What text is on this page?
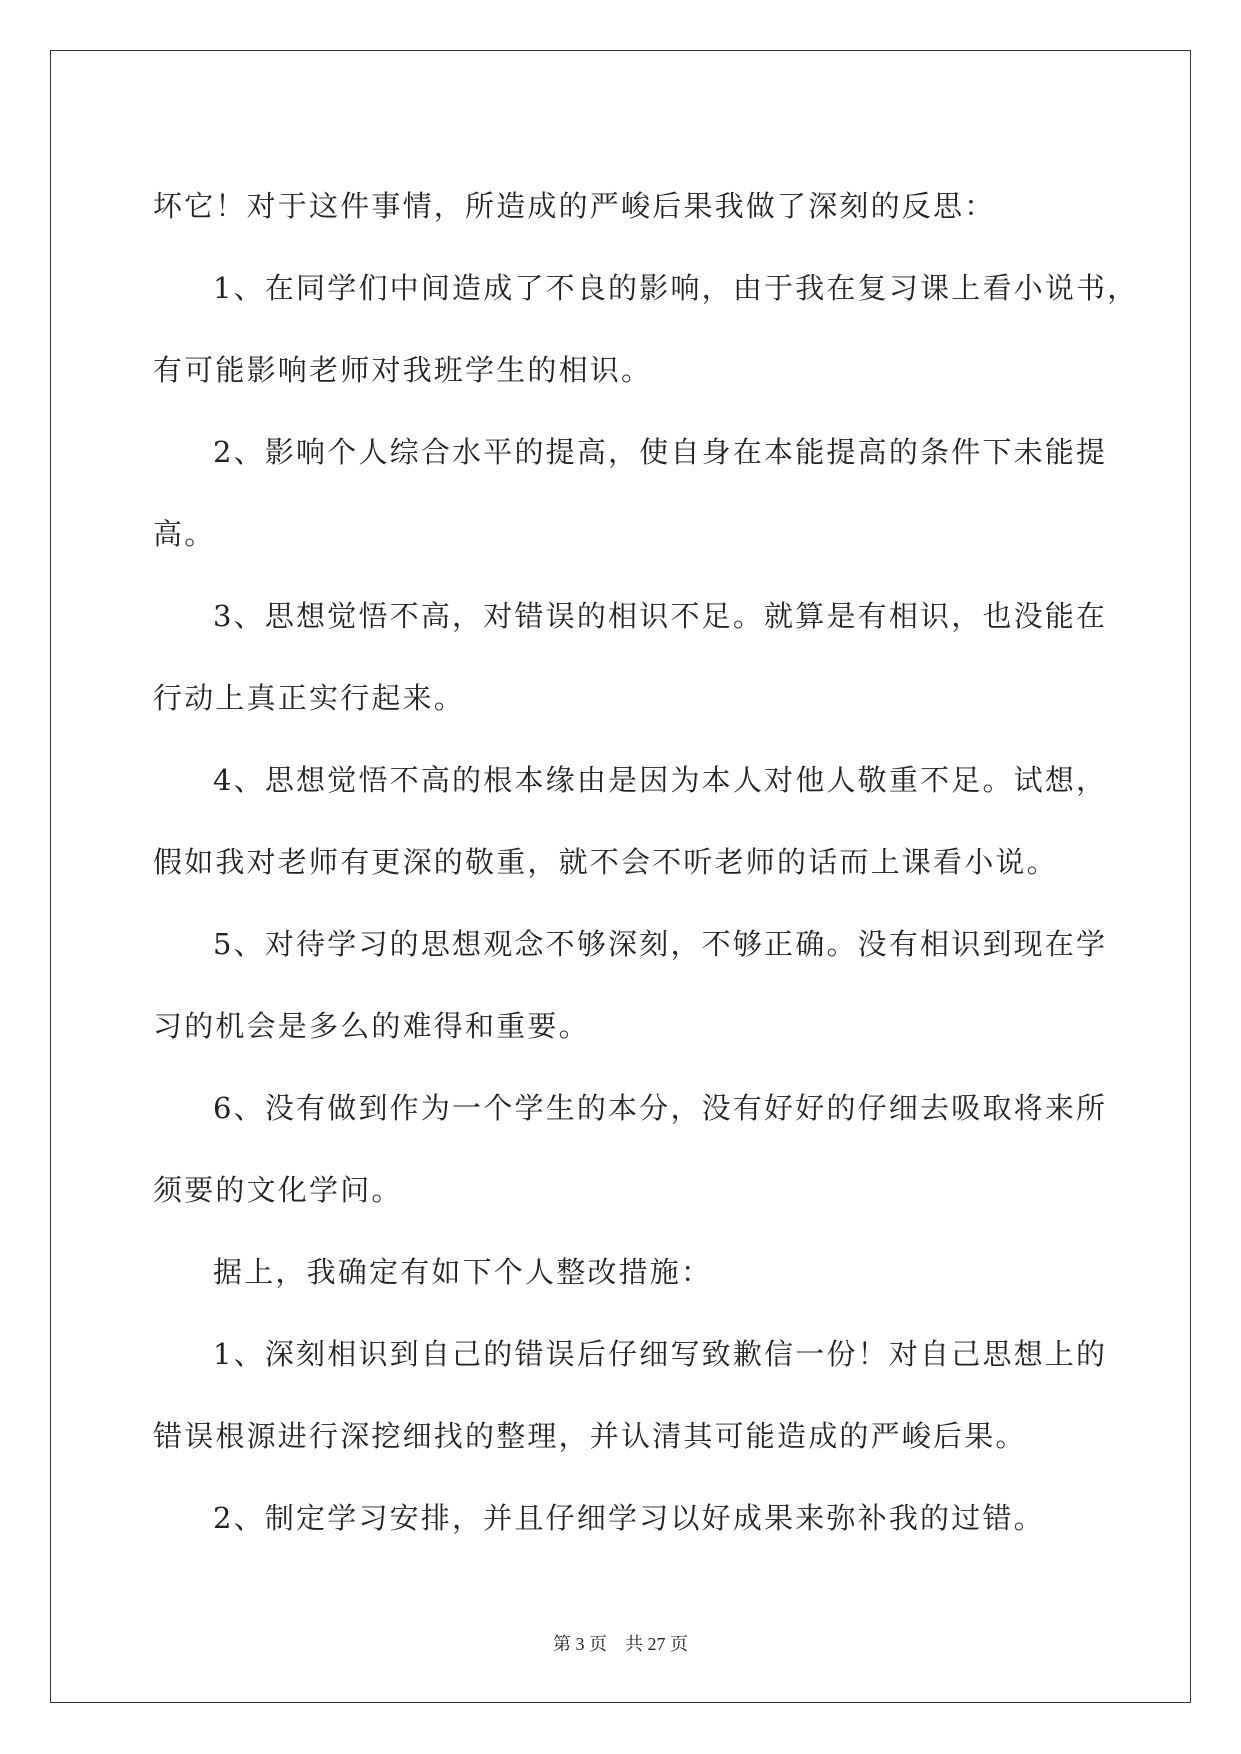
坏它！对于这件事情，所造成的严峻后果我做了深刻的反思：

1、在同学们中间造成了不良的影响，由于我在复习课上看小说书，

有可能影响老师对我班学生的相识。

2、影响个人综合水平的提高，使自身在本能提高的条件下未能提

高。

3、思想觉悟不高，对错误的相识不足。就算是有相识，也没能在

行动上真正实行起来。

4、思想觉悟不高的根本缘由是因为本人对他人敬重不足。试想，

假如我对老师有更深的敬重，就不会不听老师的话而上课看小说。

5、对待学习的思想观念不够深刻，不够正确。没有相识到现在学

习的机会是多么的难得和重要。

6、没有做到作为一个学生的本分，没有好好的仔细去吸取将来所

须要的文化学问。

据上，我确定有如下个人整改措施：

1、深刻相识到自己的错误后仔细写致歉信一份！对自己思想上的

错误根源进行深挖细找的整理，并认清其可能造成的严峻后果。

2、制定学习安排，并且仔细学习以好成果来弥补我的过错。

第 3 页 共 27 页
